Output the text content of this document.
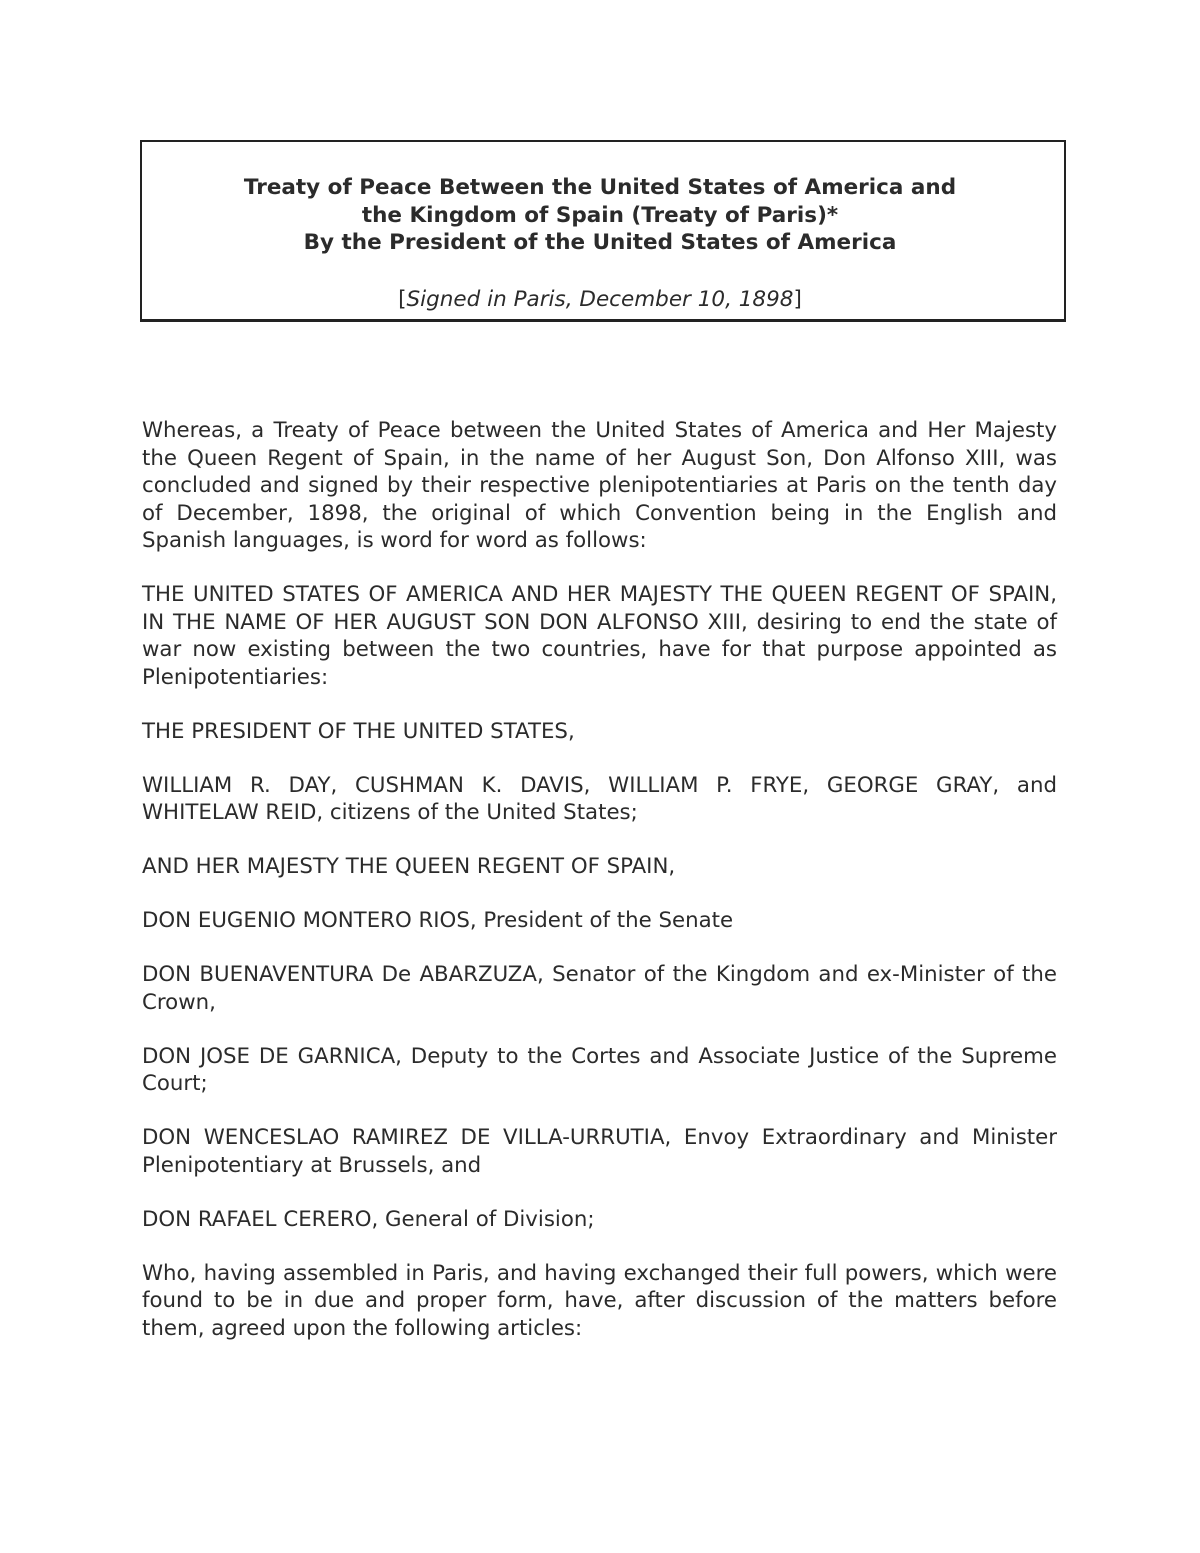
Treaty of Peace Between the United States of America and
the Kingdom of Spain (Treaty of Paris)*
By the President of the United States of America
[Signed in Paris, December 10, 1898]

Whereas, a Treaty of Peace between the United States of America and Her Majesty the Queen Regent of Spain, in the name of her August Son, Don Alfonso XIII, was concluded and signed by their respective plenipotentiaries at Paris on the tenth day of December, 1898, the original of which Convention being in the English and Spanish languages, is word for word as follows:

THE UNITED STATES OF AMERICA AND HER MAJESTY THE QUEEN REGENT OF SPAIN, IN THE NAME OF HER AUGUST SON DON ALFONSO XIII, desiring to end the state of war now existing between the two countries, have for that purpose appointed as Plenipotentiaries:

THE PRESIDENT OF THE UNITED STATES,

WILLIAM R. DAY, CUSHMAN K. DAVIS, WILLIAM P. FRYE, GEORGE GRAY, and WHITELAW REID, citizens of the United States;

AND HER MAJESTY THE QUEEN REGENT OF SPAIN,

DON EUGENIO MONTERO RIOS, President of the Senate

DON BUENAVENTURA De ABARZUZA, Senator of the Kingdom and ex-Minister of the Crown,

DON JOSE DE GARNICA, Deputy to the Cortes and Associate Justice of the Supreme Court;

DON WENCESLAO RAMIREZ DE VILLA-URRUTIA, Envoy Extraordinary and Minister Plenipotentiary at Brussels, and

DON RAFAEL CERERO, General of Division;

Who, having assembled in Paris, and having exchanged their full powers, which were found to be in due and proper form, have, after discussion of the matters before them, agreed upon the following articles:
